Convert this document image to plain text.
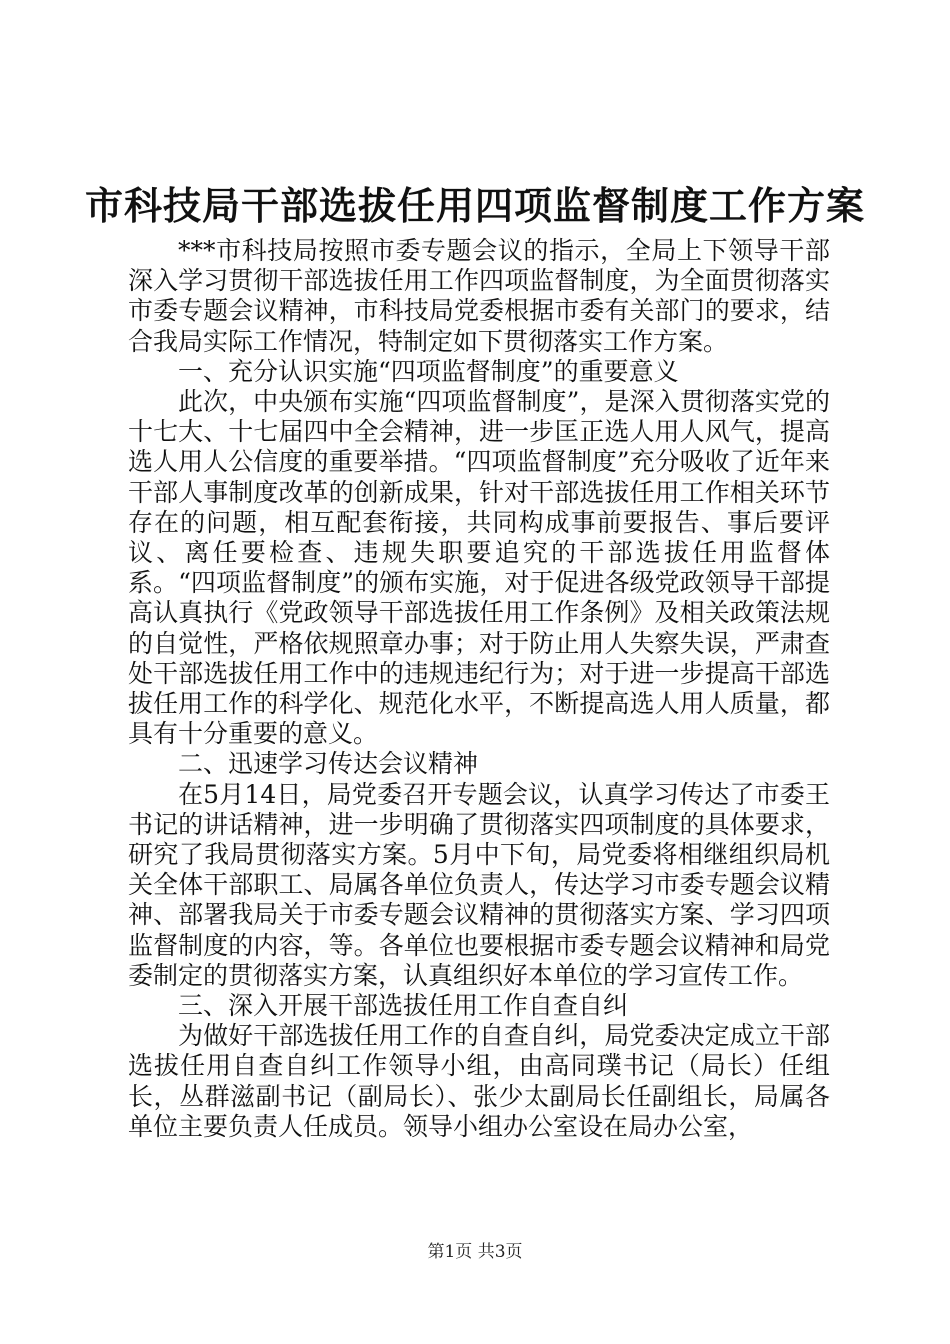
市科技局干部选拔任用四项监督制度工作方案

***市科技局按照市委专题会议的指示，全局上下领导干部深入学习贯彻干部选拔任用工作四项监督制度，为全面贯彻落实市委专题会议精神，市科技局党委根据市委有关部门的要求，结合我局实际工作情况，特制定如下贯彻落实工作方案。

一、充分认识实施“四项监督制度”的重要意义

此次，中央颁布实施“四项监督制度”，是深入贯彻落实党的十七大、十七届四中全会精神，进一步匡正选人用人风气，提高选人用人公信度的重要举措。“四项监督制度”充分吸收了近年来干部人事制度改革的创新成果，针对干部选拔任用工作相关环节存在的问题，相互配套衔接，共同构成事前要报告、事后要评议、离任要检查、违规失职要追究的干部选拔任用监督体系。“四项监督制度”的颁布实施，对于促进各级党政领导干部提高认真执行《党政领导干部选拔任用工作条例》及相关政策法规的自觉性，严格依规照章办事；对于防止用人失察失误，严肃查处干部选拔任用工作中的违规违纪行为；对于进一步提高干部选拔任用工作的科学化、规范化水平，不断提高选人用人质量，都具有十分重要的意义。

二、迅速学习传达会议精神

在5月14日，局党委召开专题会议，认真学习传达了市委王书记的讲话精神，进一步明确了贯彻落实四项制度的具体要求，研究了我局贯彻落实方案。5月中下旬，局党委将相继组织局机关全体干部职工、局属各单位负责人，传达学习市委专题会议精神、部署我局关于市委专题会议精神的贯彻落实方案、学习四项监督制度的内容，等。各单位也要根据市委专题会议精神和局党委制定的贯彻落实方案，认真组织好本单位的学习宣传工作。

三、深入开展干部选拔任用工作自查自纠

为做好干部选拔任用工作的自查自纠，局党委决定成立干部选拔任用自查自纠工作领导小组，由高同璞书记（局长）任组长，丛群滋副书记（副局长）、张少太副局长任副组长，局属各单位主要负责人任成员。领导小组办公室设在局办公室，

第1页 共3页
